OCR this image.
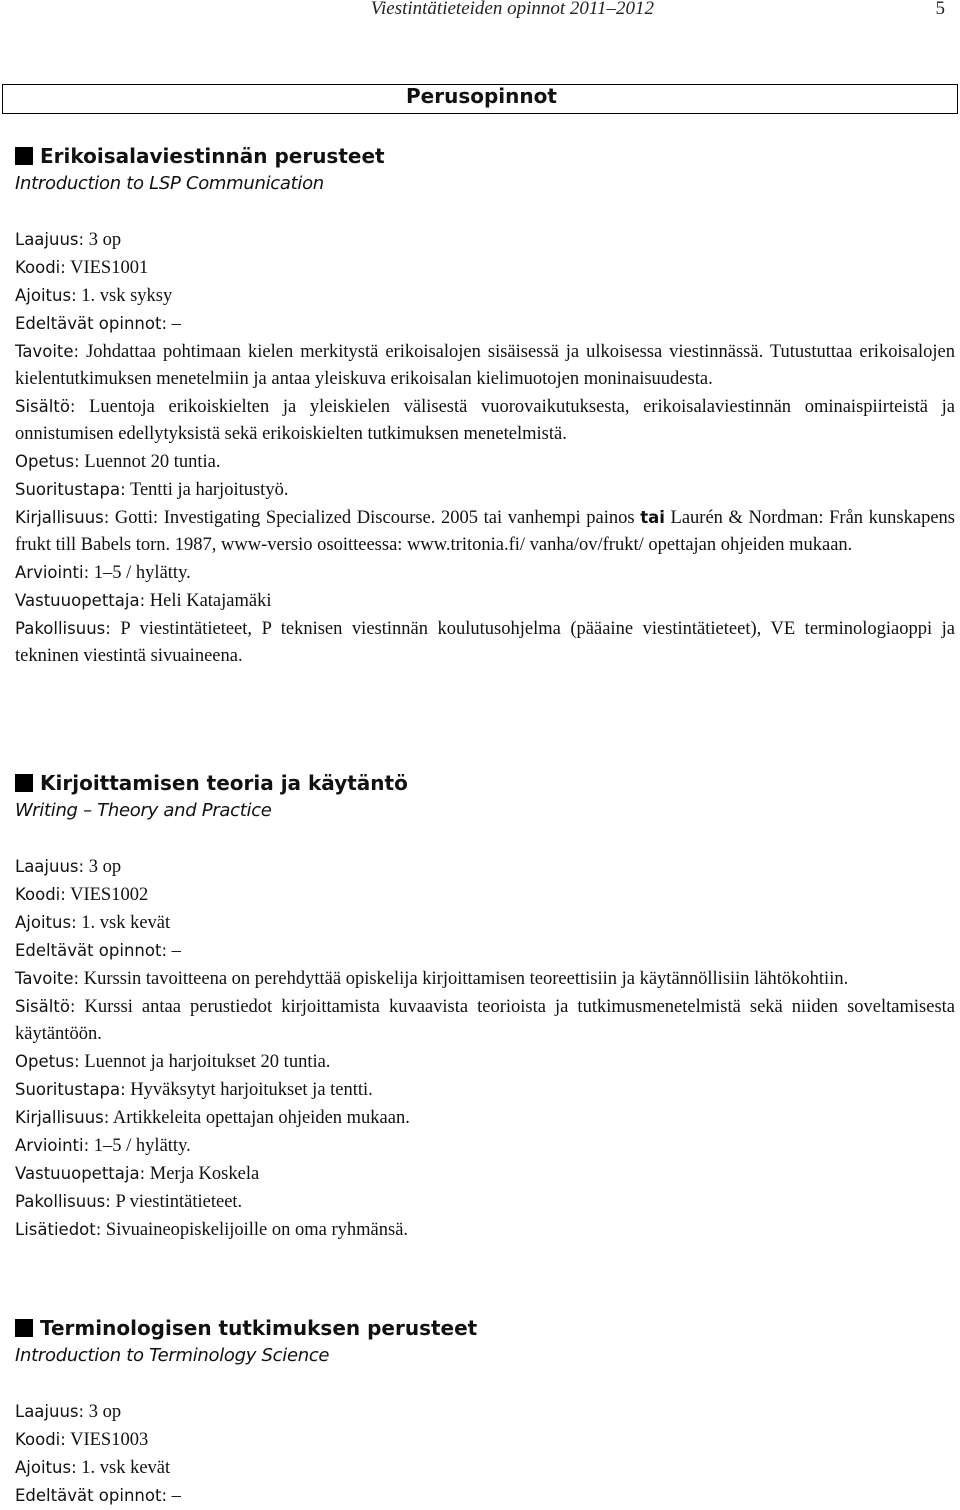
Viestintätieteiden opinnot 2011–2012	5
Perusopinnot
Erikoisalaviestinnän perusteet
Introduction to LSP Communication
Laajuus: 3 op
Koodi: VIES1001
Ajoitus: 1. vsk syksy
Edeltävät opinnot: –
Tavoite: Johdattaa pohtimaan kielen merkitystä erikoisalojen sisäisessä ja ulkoisessa viestinnässä. Tutustuttaa erikoisalojen kielentutkimuksen menetelmiin ja antaa yleiskuva erikoisalan kielimuotojen moninaisuudesta.
Sisältö: Luentoja erikoiskielten ja yleiskielen välisestä vuorovaikutuksesta, erikoisalaviestinnän ominaispiirteistä ja onnistumisen edellytyksistä sekä erikoiskielten tutkimuksen menetelmistä.
Opetus: Luennot 20 tuntia.
Suoritustapa: Tentti ja harjoitustyö.
Kirjallisuus: Gotti: Investigating Specialized Discourse. 2005 tai vanhempi painos tai Laurén & Nordman: Från kunskapens frukt till Babels torn. 1987, www-versio osoitteessa: www.tritonia.fi/ vanha/ov/frukt/ opettajan ohjeiden mukaan.
Arviointi: 1–5 / hylätty.
Vastuuopettaja: Heli Katajamäki
Pakollisuus: P viestintätieteet, P teknisen viestinnän koulutusohjelma (pääaine viestintätieteet), VE terminologiaoppi ja tekninen viestintä sivuaineena.
Kirjoittamisen teoria ja käytäntö
Writing – Theory and Practice
Laajuus: 3 op
Koodi: VIES1002
Ajoitus: 1. vsk kevät
Edeltävät opinnot: –
Tavoite: Kurssin tavoitteena on perehdyttää opiskelija kirjoittamisen teoreettisiin ja käytännöllisiin lähtökohtiin.
Sisältö: Kurssi antaa perustiedot kirjoittamista kuvaavista teorioista ja tutkimusmenetelmistä sekä niiden soveltamisesta käytäntöön.
Opetus: Luennot ja harjoitukset 20 tuntia.
Suoritustapa: Hyväksytyt harjoitukset ja tentti.
Kirjallisuus: Artikkeleita opettajan ohjeiden mukaan.
Arviointi: 1–5 / hylätty.
Vastuuopettaja: Merja Koskela
Pakollisuus: P viestintätieteet.
Lisätiedot: Sivuaineopiskelijoille on oma ryhmänsä.
Terminologisen tutkimuksen perusteet
Introduction to Terminology Science
Laajuus: 3 op
Koodi: VIES1003
Ajoitus: 1. vsk kevät
Edeltävät opinnot: –
